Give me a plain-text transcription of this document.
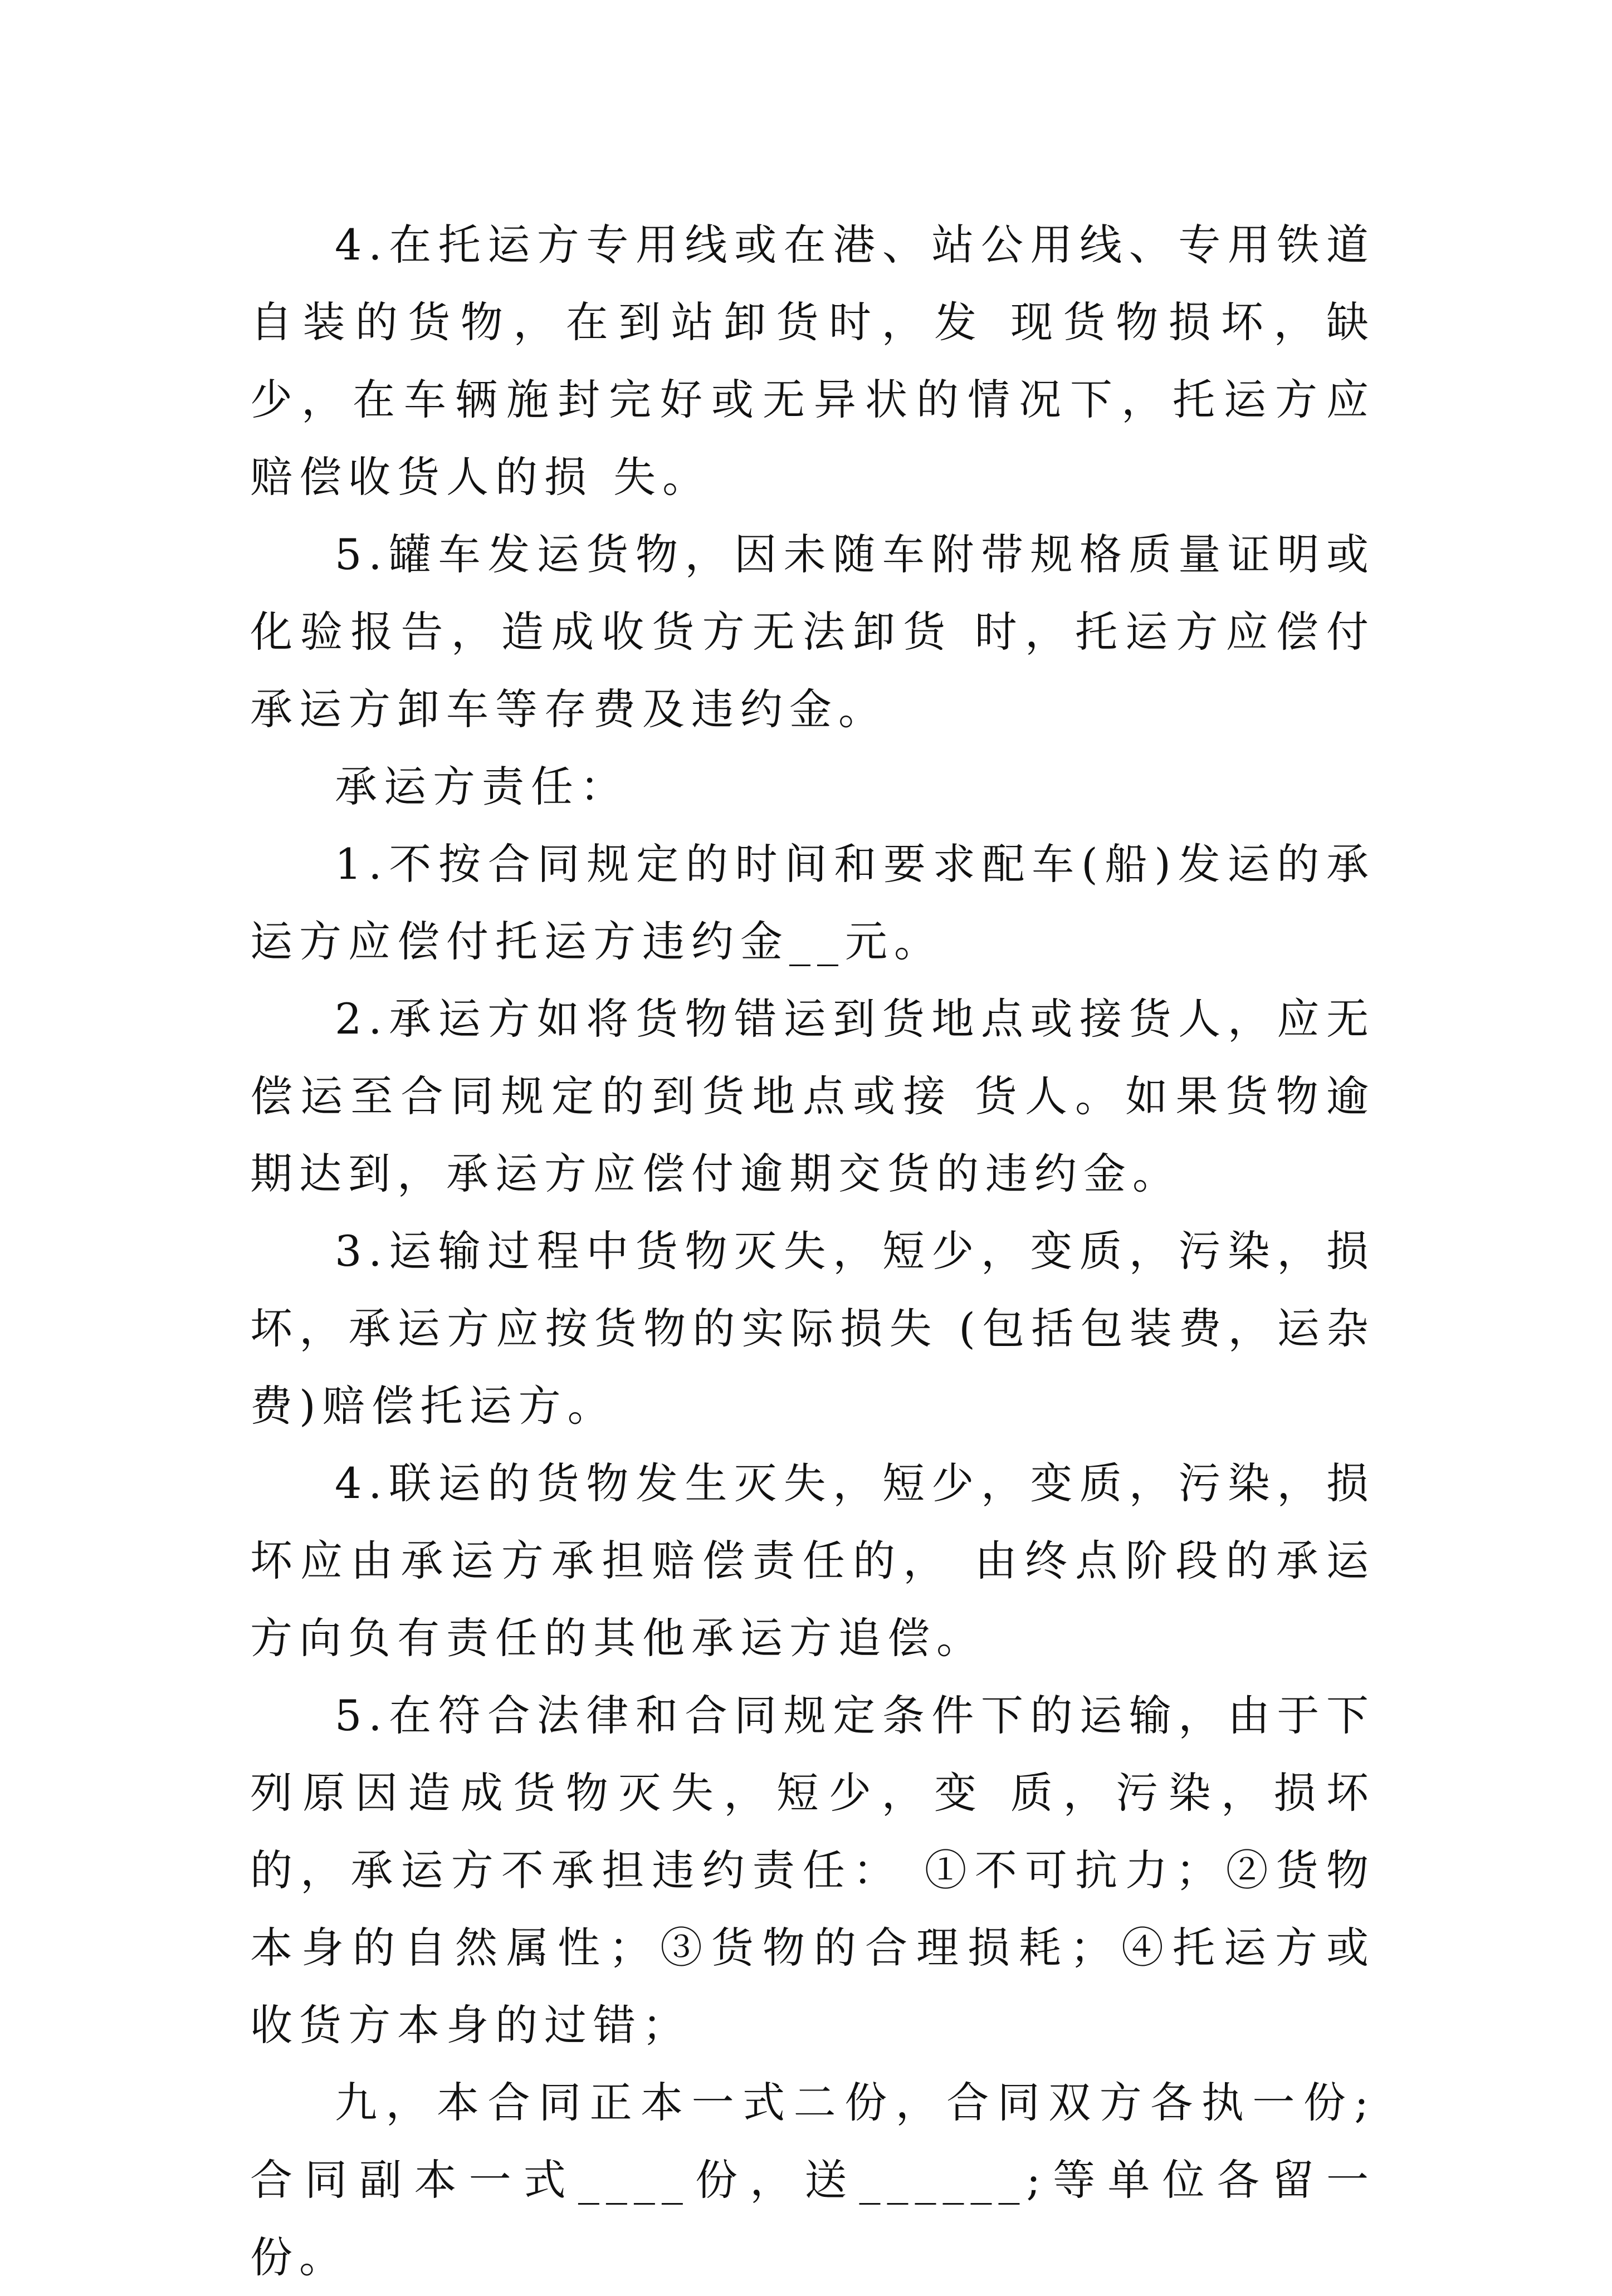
4.在托运方专用线或在港、站公用线、专用铁道自装的货物，在到站卸货时，发 现货物损坏，缺少，在车辆施封完好或无异状的情况下，托运方应赔偿收货人的损 失。

5.罐车发运货物，因未随车附带规格质量证明或化验报告，造成收货方无法卸货 时，托运方应偿付承运方卸车等存费及违约金。

承运方责任：

1.不按合同规定的时间和要求配车(船)发运的承运方应偿付托运方违约金__元。

2.承运方如将货物错运到货地点或接货人，应无偿运至合同规定的到货地点或接 货人。如果货物逾期达到，承运方应偿付逾期交货的违约金。

3.运输过程中货物灭失，短少，变质，污染，损坏，承运方应按货物的实际损失 (包括包装费，运杂费)赔偿托运方。

4.联运的货物发生灭失，短少，变质，污染，损坏应由承运方承担赔偿责任的， 由终点阶段的承运方向负有责任的其他承运方追偿。

5.在符合法律和合同规定条件下的运输，由于下列原因造成货物灭失，短少，变 质，污染，损坏的，承运方不承担违约责任： ①不可抗力；②货物本身的自然属性；③货物的合理损耗；④托运方或收货方本身的过错；

九，本合同正本一式二份，合同双方各执一份;合同副本一式____份，送______;等单位各留一份。
